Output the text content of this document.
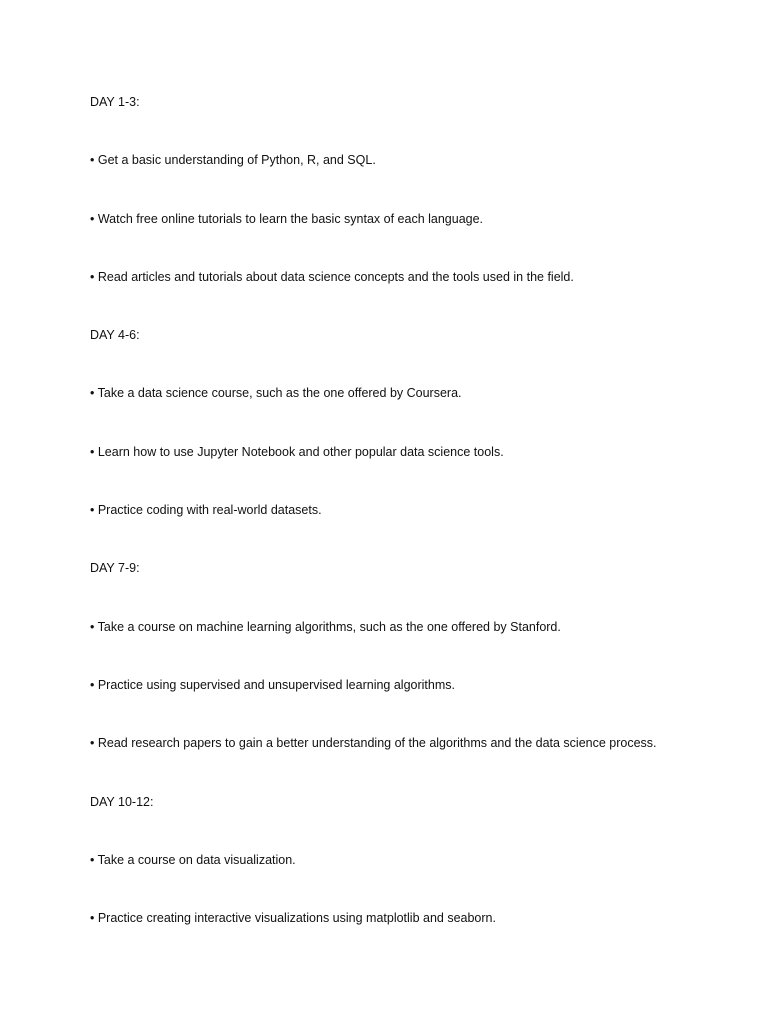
DAY 1-3:
• Get a basic understanding of Python, R, and SQL.
• Watch free online tutorials to learn the basic syntax of each language.
• Read articles and tutorials about data science concepts and the tools used in the field.
DAY 4-6:
• Take a data science course, such as the one offered by Coursera.
• Learn how to use Jupyter Notebook and other popular data science tools.
• Practice coding with real-world datasets.
DAY 7-9:
• Take a course on machine learning algorithms, such as the one offered by Stanford.
• Practice using supervised and unsupervised learning algorithms.
• Read research papers to gain a better understanding of the algorithms and the data science process.
DAY 10-12:
• Take a course on data visualization.
• Practice creating interactive visualizations using matplotlib and seaborn.
